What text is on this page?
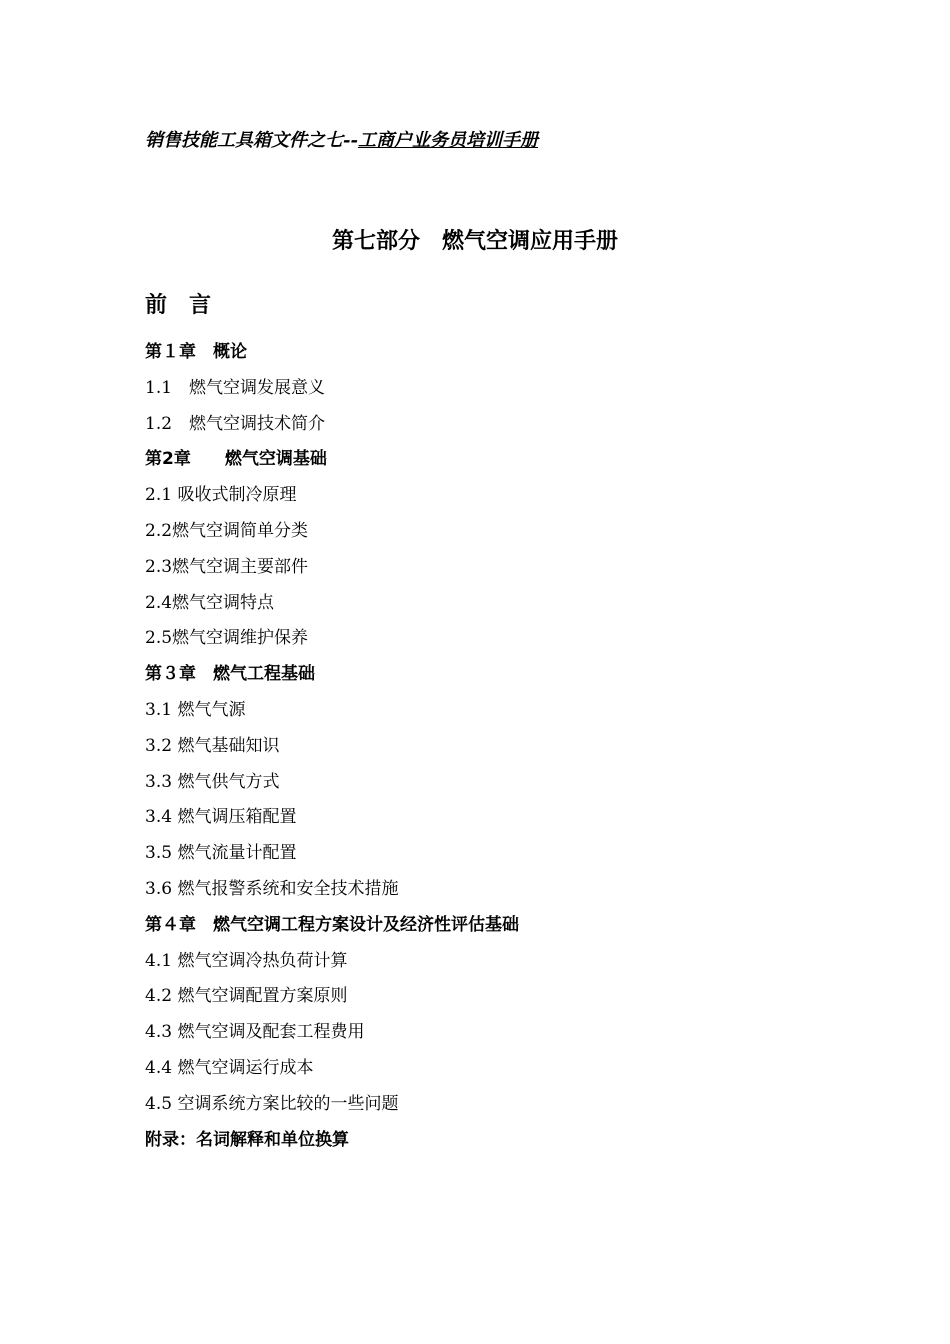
销售技能工具箱文件之七--工商户业务员培训手册
第七部分　燃气空调应用手册
前　言
第１章　概论
1.1　燃气空调发展意义
1.2　燃气空调技术简介
第2章　　燃气空调基础
2.1 吸收式制冷原理
2.2燃气空调简单分类
2.3燃气空调主要部件
2.4燃气空调特点
2.5燃气空调维护保养
第３章　燃气工程基础
3.1 燃气气源
3.2 燃气基础知识
3.3 燃气供气方式
3.4 燃气调压箱配置
3.5 燃气流量计配置
3.6 燃气报警系统和安全技术措施
第４章　燃气空调工程方案设计及经济性评估基础
4.1 燃气空调冷热负荷计算
4.2 燃气空调配置方案原则
4.3 燃气空调及配套工程费用
4.4 燃气空调运行成本
4.5 空调系统方案比较的一些问题
附录：名词解释和单位换算
